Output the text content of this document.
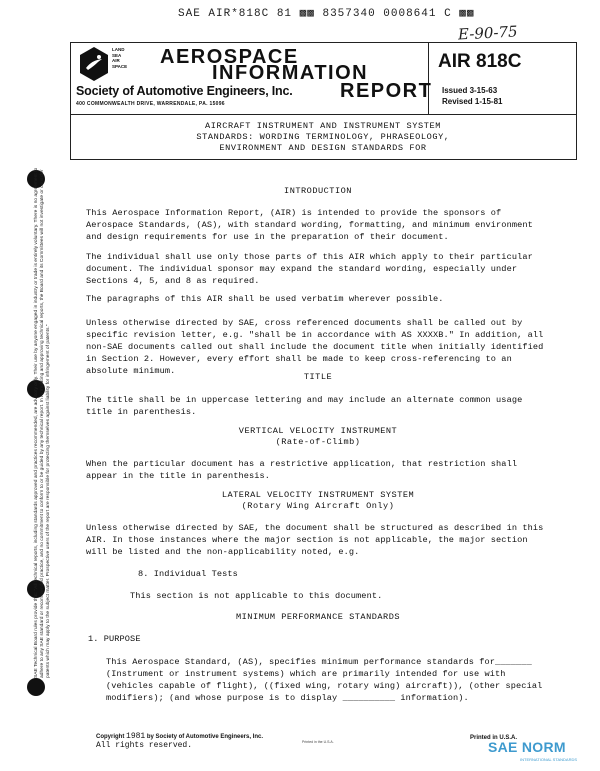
SAE AIR*818C 81 ▩▩ 8357340 0008641 C ▩▩
E-90-75
LAND SEA AIR SPACE AEROSPACE
INFORMATION
REPORT
Society of Automotive Engineers, Inc.
400 COMMONWEALTH DRIVE, WARRENDALE, PA. 15096
AIR 818C
Issued 3-15-63
Revised 1-15-81
AIRCRAFT INSTRUMENT AND INSTRUMENT SYSTEM
STANDARDS: WORDING TERMINOLOGY, PHRASEOLOGY,
ENVIRONMENT AND DESIGN STANDARDS FOR
SAE Technical Board rules provide that: "All technical reports, including standards approved and practices recommended, are advisory only. Their use by anyone engaged in industry or trade is entirely voluntary. There is no agreement to adhere to any SAE standard or recommended practice, and no commitment to conform to or be guided by any technical report. In formulating and approving technical reports, the Board and its Committees will not investigate or consider patents which may apply to the subject matter. Prospective users of the report are responsible for protecting themselves against liability for infringement of patents."
INTRODUCTION
This Aerospace Information Report, (AIR) is intended to provide the sponsors of Aerospace Standards, (AS), with standard wording, formatting, and minimum environment and design requirements for use in the preparation of their document.
The individual shall use only those parts of this AIR which apply to their particular document. The individual sponsor may expand the standard wording, especially under Sections 4, 5, and 8 as required.
The paragraphs of this AIR shall be used verbatim wherever possible.
Unless otherwise directed by SAE, cross referenced documents shall be called out by specific revision letter, e.g. "shall be in accordance with AS XXXXB." In addition, all non-SAE documents called out shall include the document title when initially identified in Section 2. However, every effort shall be made to keep cross-referencing to an absolute minimum.
TITLE
The title shall be in uppercase lettering and may include an alternate common usage title in parenthesis.
VERTICAL VELOCITY INSTRUMENT
(Rate-of-Climb)
When the particular document has a restrictive application, that restriction shall appear in the title in parenthesis.
LATERAL VELOCITY INSTRUMENT SYSTEM
(Rotary Wing Aircraft Only)
Unless otherwise directed by SAE, the document shall be structured as described in this AIR. In those instances where the major section is not applicable, the major section will be listed and the non-applicability noted, e.g.
8. Individual Tests
This section is not applicable to this document.
MINIMUM PERFORMANCE STANDARDS
1. PURPOSE
This Aerospace Standard, (AS), specifies minimum performance standards for_______ (Instrument or instrument systems) which are primarily intended for use with (vehicles capable of flight), ((fixed wing, rotary wing) aircraft)), (other special modifiers); (and whose purpose is to display __________ information).
Copyright 1981 by Society of Automotive Engineers, Inc.
All rights reserved.	Printed in the U.S.A.
Printed in U.S.A.
SAE NORM
INTERNATIONAL STANDARDS
